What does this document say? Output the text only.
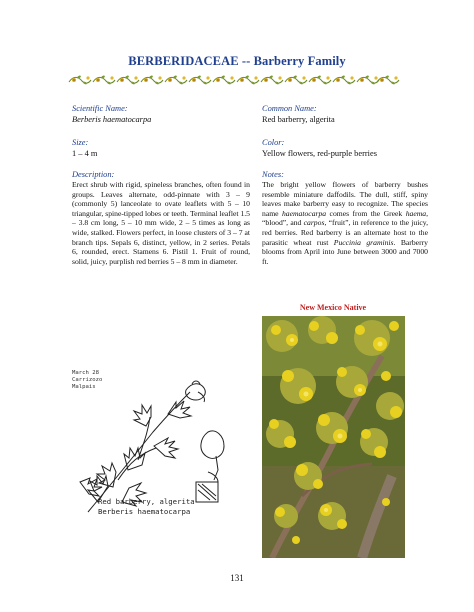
BERBERIDACEAE -- Barberry Family
Scientific Name:
Berberis haematocarpa
Size:
1 – 4 m
Description:

Erect shrub with rigid, spineless branches, often found in groups. Leaves alternate, odd-pinnate with 3 – 9 (commonly 5) lanceolate to ovate leaflets with 5 – 10 triangular, spine-tipped lobes or teeth. Terminal leaflet 1.5 – 3.8 cm long, 5 – 10 mm wide, 2 – 5 times as long as wide, stalked. Flowers perfect, in loose clusters of 3 – 7 at branch tips. Sepals 6, distinct, yellow, in 2 series. Petals 6, rounded, erect. Stamens 6. Pistil 1. Fruit of round, solid, juicy, purplish red berries 5 – 8 mm in diameter.

Common Name:
Red barberry, algerita
Color:
Yellow flowers, red-purple berries
Notes:

The bright yellow flowers of barberry bushes resemble miniature daffodils. The dull, stiff, spiny leaves make barberry easy to recognize. The species name haematocarpa comes from the Greek haema, “blood”, and carpos, “fruit”, in reference to the juicy, red berries. Red barberry is an alternate host to the parasitic wheat rust Puccinia graminis. Barberry blooms from April into June between 3000 and 7000 ft.

March 28
Carrizozo
Malpais
Red barberry, algerita
Berberis haematocarpa
New Mexico Native
131
